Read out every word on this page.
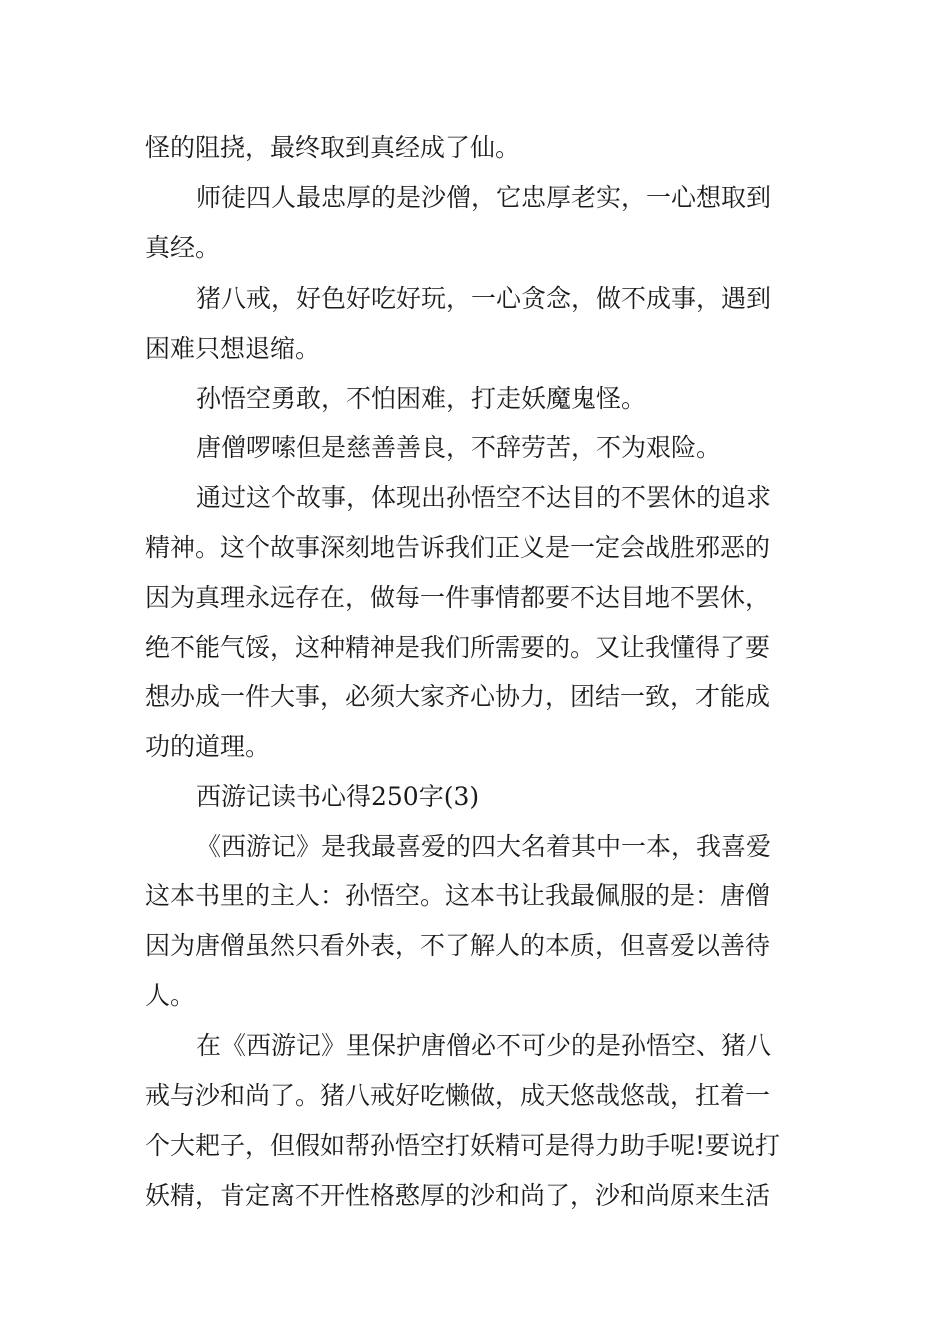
怪的阻挠，最终取到真经成了仙。
师徒四人最忠厚的是沙僧，它忠厚老实，一心想取到
真经。
猪八戒，好色好吃好玩，一心贪念，做不成事，遇到
困难只想退缩。
孙悟空勇敢，不怕困难，打走妖魔鬼怪。
唐僧啰嗦但是慈善善良，不辞劳苦，不为艰险。
通过这个故事，体现出孙悟空不达目的不罢休的追求
精神。这个故事深刻地告诉我们正义是一定会战胜邪恶的
因为真理永远存在，做每一件事情都要不达目地不罢休，
绝不能气馁，这种精神是我们所需要的。又让我懂得了要
想办成一件大事，必须大家齐心协力，团结一致，才能成
功的道理。
西游记读书心得250字(3)
《西游记》是我最喜爱的四大名着其中一本，我喜爱
这本书里的主人：孙悟空。这本书让我最佩服的是：唐僧
因为唐僧虽然只看外表，不了解人的本质，但喜爱以善待
人。
在《西游记》里保护唐僧必不可少的是孙悟空、猪八
戒与沙和尚了。猪八戒好吃懒做，成天悠哉悠哉，扛着一
个大耙子，但假如帮孙悟空打妖精可是得力助手呢!要说打
妖精，肯定离不开性格憨厚的沙和尚了，沙和尚原来生活
